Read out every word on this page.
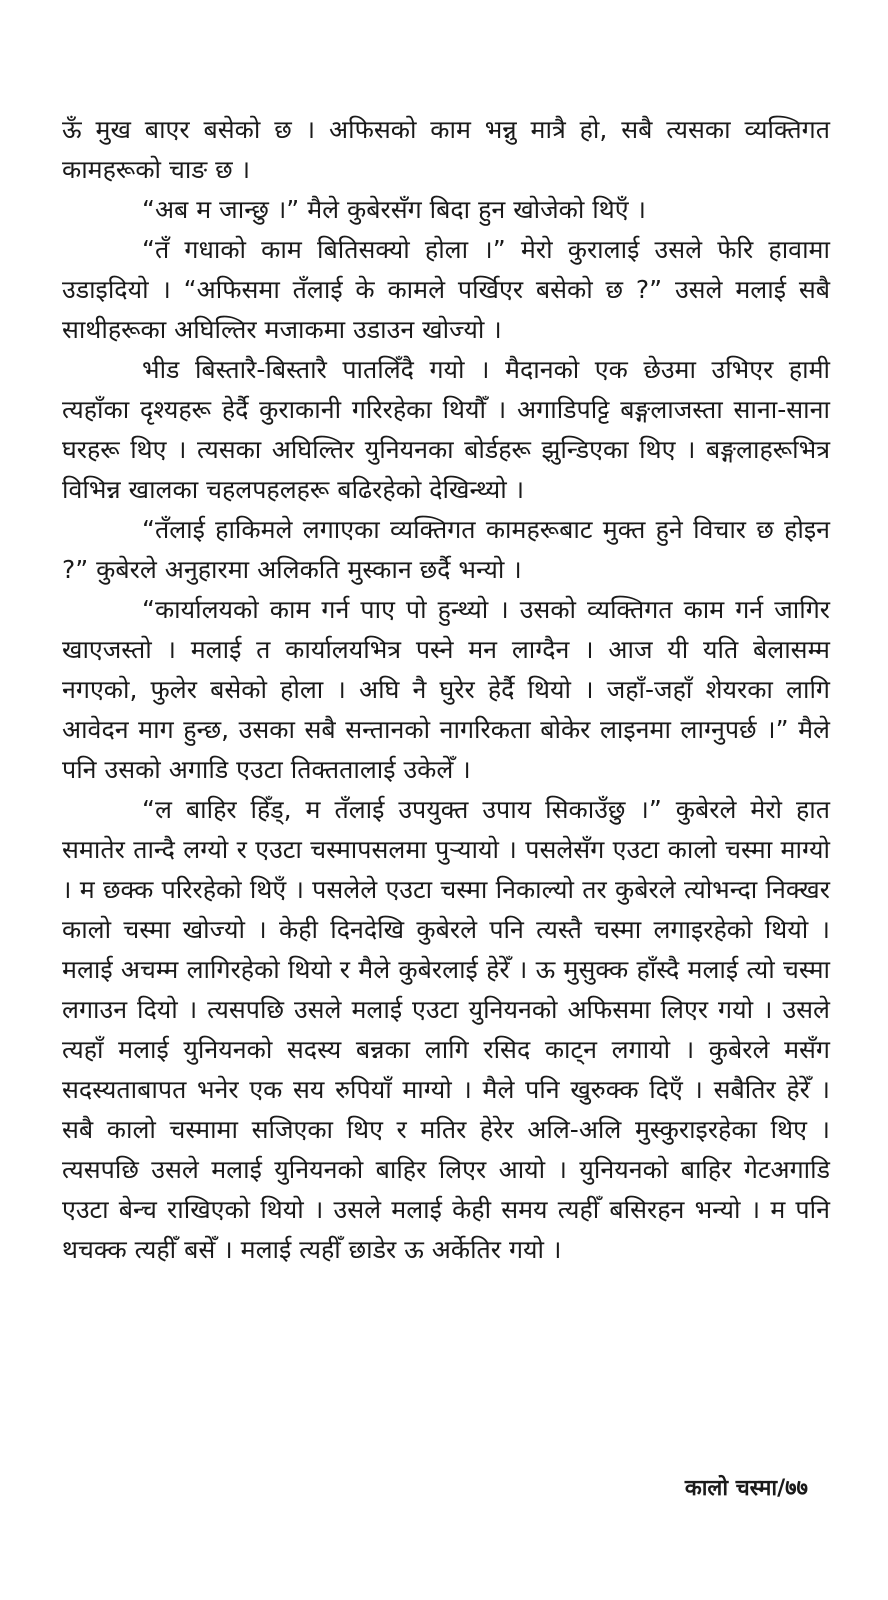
ऊँ मुख बाएर बसेको छ । अफिसको काम भन्नु मात्रै हो, सबै त्यसका व्यक्तिगत कामहरूको चाङ छ ।

“अब म जान्छु ।” मैले कुबेरसँग बिदा हुन खोजेको थिएँ ।

“तँ गधाको काम बितिसक्यो होला ।” मेरो कुरालाई उसले फेरि हावामा उडाइदियो । “अफिसमा तँलाई के कामले पर्खिएर बसेको छ ?” उसले मलाई सबै साथीहरूका अघिल्तिर मजाकमा उडाउन खोज्यो ।

भीड बिस्तारै-बिस्तारै पातलिँदै गयो । मैदानको एक छेउमा उभिएर हामी त्यहाँका दृश्यहरू हेर्दै कुराकानी गरिरहेका थियौँ । अगाडिपट्टि बङ्गलाजस्ता साना-साना घरहरू थिए । त्यसका अघिल्तिर युनियनका बोर्डहरू झुन्डिएका थिए । बङ्गलाहरूभित्र विभिन्न खालका चहलपहलहरू बढिरहेको देखिन्थ्यो ।

“तँलाई हाकिमले लगाएका व्यक्तिगत कामहरूबाट मुक्त हुने विचार छ होइन ?” कुबेरले अनुहारमा अलिकति मुस्कान छर्दै भन्यो ।

“कार्यालयको काम गर्न पाए पो हुन्थ्यो । उसको व्यक्तिगत काम गर्न जागिर खाएजस्तो । मलाई त कार्यालयभित्र पस्ने मन लाग्दैन । आज यी यति बेलासम्म नगएको, फुलेर बसेको होला । अघि नै घुरेर हेर्दै थियो । जहाँ-जहाँ शेयरका लागि आवेदन माग हुन्छ, उसका सबै सन्तानको नागरिकता बोकेर लाइनमा लाग्नुपर्छ ।” मैले पनि उसको अगाडि एउटा तिक्ततालाई उकेलेँ ।

“ल बाहिर हिँड्, म तँलाई उपयुक्त उपाय सिकाउँछु ।” कुबेरले मेरो हात समातेर तान्दै लग्यो र एउटा चस्मापसलमा पुर्‍यायो । पसलेसँग एउटा कालो चस्मा माग्यो । म छक्क परिरहेको थिएँ । पसलेले एउटा चस्मा निकाल्यो तर कुबेरले त्योभन्दा निक्खर कालो चस्मा खोज्यो । केही दिनदेखि कुबेरले पनि त्यस्तै चस्मा लगाइरहेको थियो । मलाई अचम्म लागिरहेको थियो र मैले कुबेरलाई हेरेँ । ऊ मुसुक्क हाँस्दै मलाई त्यो चस्मा लगाउन दियो । त्यसपछि उसले मलाई एउटा युनियनको अफिसमा लिएर गयो । उसले त्यहाँ मलाई युनियनको सदस्य बन्नका लागि रसिद काट्न लगायो । कुबेरले मसँग सदस्यताबापत भनेर एक सय रुपियाँ माग्यो । मैले पनि खुरुक्क दिएँ । सबैतिर हेरेँ । सबै कालो चस्मामा सजिएका थिए र मतिर हेरेर अलि-अलि मुस्कुराइरहेका थिए । त्यसपछि उसले मलाई युनियनको बाहिर लिएर आयो । युनियनको बाहिर गेटअगाडि एउटा बेन्च राखिएको थियो । उसले मलाई केही समय त्यहीँ बसिरहन भन्यो । म पनि थचक्क त्यहीँ बसेँ । मलाई त्यहीँ छाडेर ऊ अर्केतिर गयो ।

कालो चस्मा/७७
